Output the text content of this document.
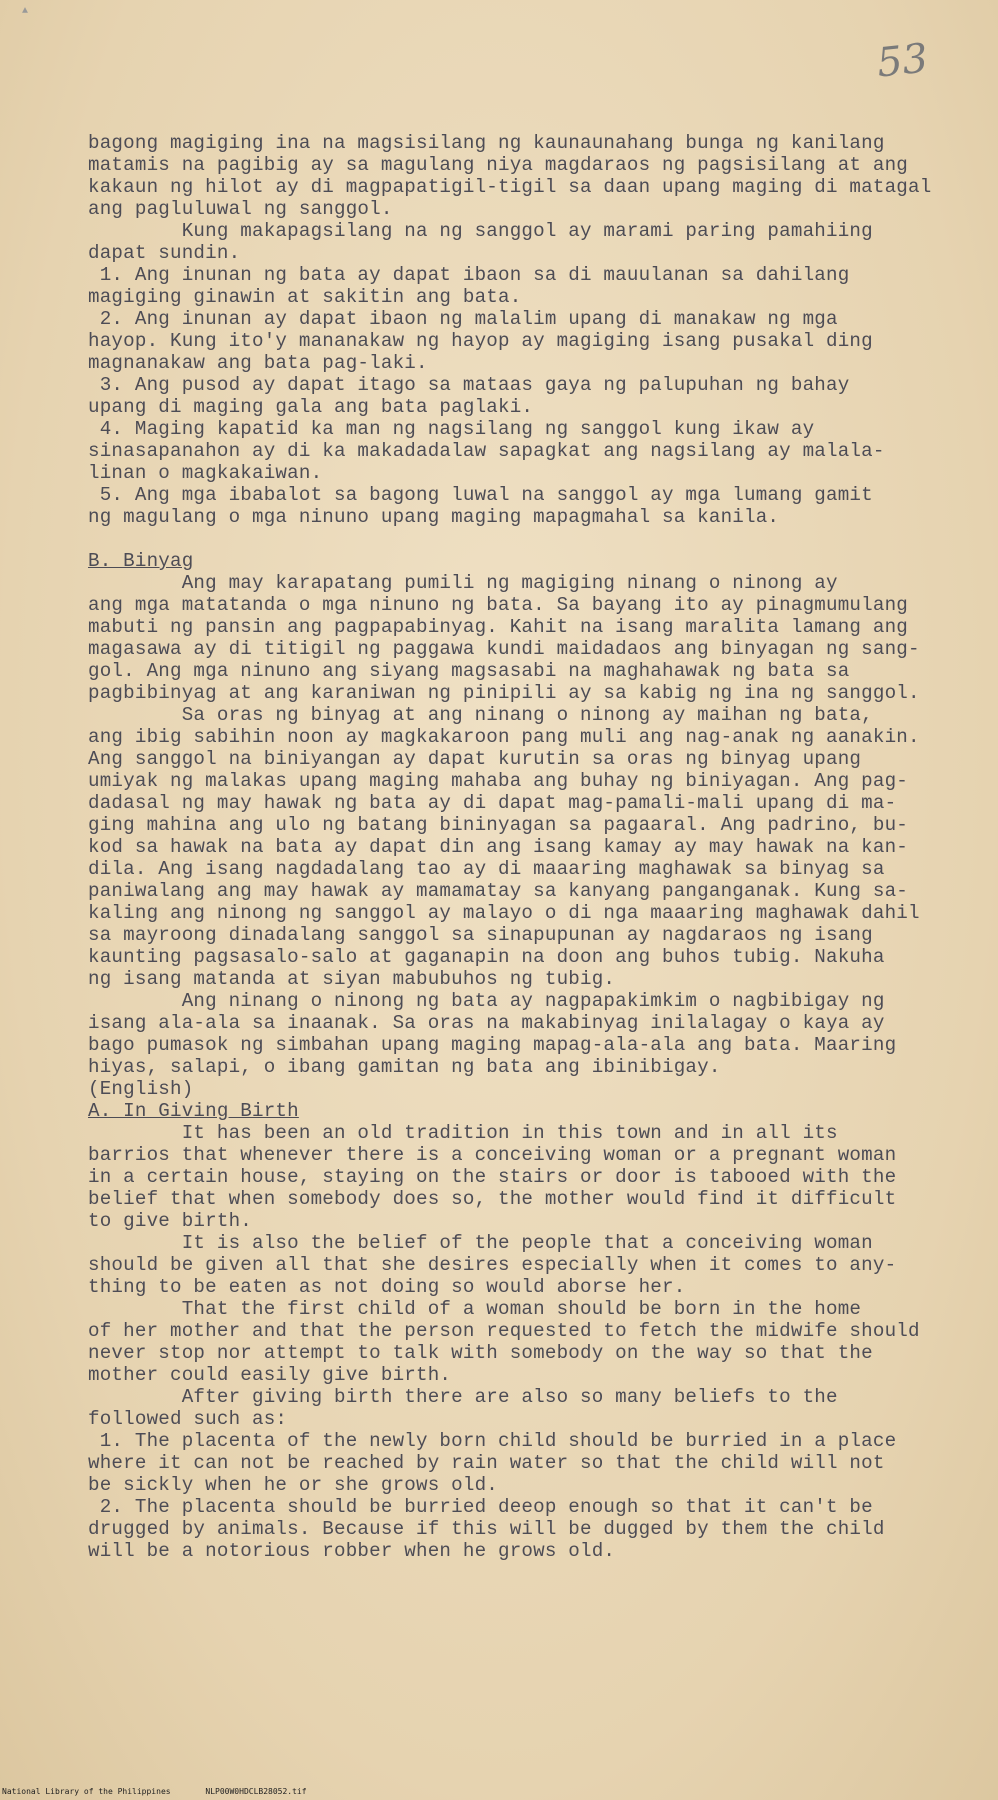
▲
53
bagong magiging ina na magsisilang ng kaunaunahang bunga ng kanilang
matamis na pagibig ay sa magulang niya magdaraos ng pagsisilang at ang
kakaun ng hilot ay di magpapatigil-tigil sa daan upang maging di matagal
ang pagluluwal ng sanggol.
Kung makapagsilang na ng sanggol ay marami paring pamahiing
dapat sundin.
1. Ang inunan ng bata ay dapat ibaon sa di mauulanan sa dahilang
magiging ginawin at sakitin ang bata.
2. Ang inunan ay dapat ibaon ng malalim upang di manakaw ng mga
hayop. Kung ito'y mananakaw ng hayop ay magiging isang pusakal ding
magnanakaw ang bata pag-laki.
3. Ang pusod ay dapat itago sa mataas gaya ng palupuhan ng bahay
upang di maging gala ang bata paglaki.
4. Maging kapatid ka man ng nagsilang ng sanggol kung ikaw ay
sinasapanahon ay di ka makadadalaw sapagkat ang nagsilang ay malala-
linan o magkakaiwan.
5. Ang mga ibabalot sa bagong luwal na sanggol ay mga lumang gamit
ng magulang o mga ninuno upang maging mapagmahal sa kanila.
B. Binyag
Ang may karapatang pumili ng magiging ninang o ninong ay
ang mga matatanda o mga ninuno ng bata. Sa bayang ito ay pinagmumulang
mabuti ng pansin ang pagpapabinyag. Kahit na isang maralita lamang ang
magasawa ay di titigil ng paggawa kundi maidadaos ang binyagan ng sang-
gol. Ang mga ninuno ang siyang magsasabi na maghahawak ng bata sa
pagbibinyag at ang karaniwan ng pinipili ay sa kabig ng ina ng sanggol.
Sa oras ng binyag at ang ninang o ninong ay maihan ng bata,
ang ibig sabihin noon ay magkakaroon pang muli ang nag-anak ng aanakin.
Ang sanggol na biniyangan ay dapat kurutin sa oras ng binyag upang
umiyak ng malakas upang maging mahaba ang buhay ng biniyagan. Ang pag-
dadasal ng may hawak ng bata ay di dapat mag-pamali-mali upang di ma-
ging mahina ang ulo ng batang bininyagan sa pagaaral. Ang padrino, bu-
kod sa hawak na bata ay dapat din ang isang kamay ay may hawak na kan-
dila. Ang isang nagdadalang tao ay di maaaring maghawak sa binyag sa
paniwalang ang may hawak ay mamamatay sa kanyang panganganak. Kung sa-
kaling ang ninong ng sanggol ay malayo o di nga maaaring maghawak dahil
sa mayroong dinadalang sanggol sa sinapupunan ay nagdaraos ng isang
kaunting pagsasalo-salo at gaganapin na doon ang buhos tubig. Nakuha
ng isang matanda at siyan mabubuhos ng tubig.
Ang ninang o ninong ng bata ay nagpapakimkim o nagbibigay ng
isang ala-ala sa inaanak. Sa oras na makabinyag inilalagay o kaya ay
bago pumasok ng simbahan upang maging mapag-ala-ala ang bata. Maaring
hiyas, salapi, o ibang gamitan ng bata ang ibinibigay.
(English)
A. In Giving Birth
It has been an old tradition in this town and in all its
barrios that whenever there is a conceiving woman or a pregnant woman
in a certain house, staying on the stairs or door is tabooed with the
belief that when somebody does so, the mother would find it difficult
to give birth.
It is also the belief of the people that a conceiving woman
should be given all that she desires especially when it comes to any-
thing to be eaten as not doing so would aborse her.
That the first child of a woman should be born in the home
of her mother and that the person requested to fetch the midwife should
never stop nor attempt to talk with somebody on the way so that the
mother could easily give birth.
After giving birth there are also so many beliefs to the
followed such as:
1. The placenta of the newly born child should be burried in a place
where it can not be reached by rain water so that the child will not
be sickly when he or she grows old.
2. The placenta should be burried deeop enough so that it can't be
drugged by animals. Because if this will be dugged by them the child
will be a notorious robber when he grows old.
National Library of the Philippines	NLP00W0HDCLB28052.tif
